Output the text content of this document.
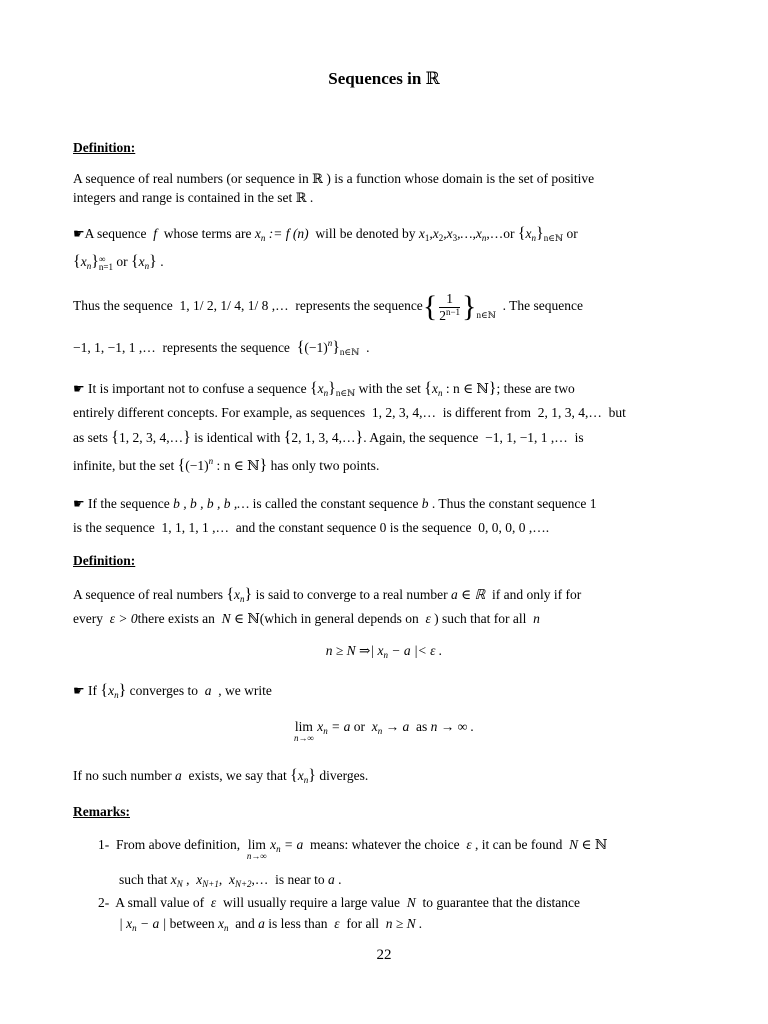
Sequences in ℝ
Definition:
A sequence of real numbers (or sequence in ℝ ) is a function whose domain is the set of positive
integers and range is contained in the set ℝ .
☛A sequence f whose terms are $x_n$ := f (n) will be denoted by $x_1,x_2,x_3,\dots,x_n,\dots or$ $\{x_n\}_{n\in ℕ}$ or
$\{x_n\}$ ∞
n=1 or $\{x_n\}$ .
Thus the sequence 1, 1/ 2, 1/ 4, 1/ 8 ,… represents the sequence{ $\frac{1}{2^{n-1}} \}_{n\in ℕ}$  . The sequence
−1, 1, −1, 1 ,… represents the sequence $\{(-1)^n\}_{n\in ℕ}$ .
☛ It is important not to confuse a sequence $\{x_n\}_{n\in ℕ}$ with the set {$x_n$ : n ∈ ℕ}; these are two
entirely different concepts. For example, as sequences 1, 2, 3, 4,… is different from 2, 1, 3, 4,… but
as sets {1, 2, 3, 4,…} is identical with {2, 1, 3, 4,…}. Again, the sequence −1, 1, −1, 1 ,… is
infinite, but the set {$(-1)^n$ : n ∈ ℕ} has only two points.
☛ If the sequence b , b , b , b ,… is called the constant sequence b . Thus the constant sequence 1
is the sequence 1, 1, 1, 1 ,… and the constant sequence 0 is the sequence 0, 0, 0, 0 ,….
Definition:
A sequence of real numbers $\{x_n\}$ is said to converge to a real number a ∈ ℝ if and only if for
every ε > 0there exists an N ∈ ℕ(which in general depends on ε ) such that for all n
n ≥ N ⇒| $x_n - a$ |< ε .
☛ If $\{x_n\}$ converges to a , we write
lim
n→∞
$x_n = a$ or $x_n \to a$ as n → ∞ .
If no such number a exists, we say that $\{x_n\}$ diverges.
Remarks:
1- From above definition, lim
n→∞
$x_n = a$ means: whatever the choice ε , it can be found N ∈ ℕ
such that $x_N$ ,  $x_{N+1}$,  $x_{N+2},\dots$ is near to a .
2- A small value of ε will usually require a large value N to guarantee that the distance
| $x_n - a$ | between $x_n$ and a is less than ε for all n ≥ N .
22
